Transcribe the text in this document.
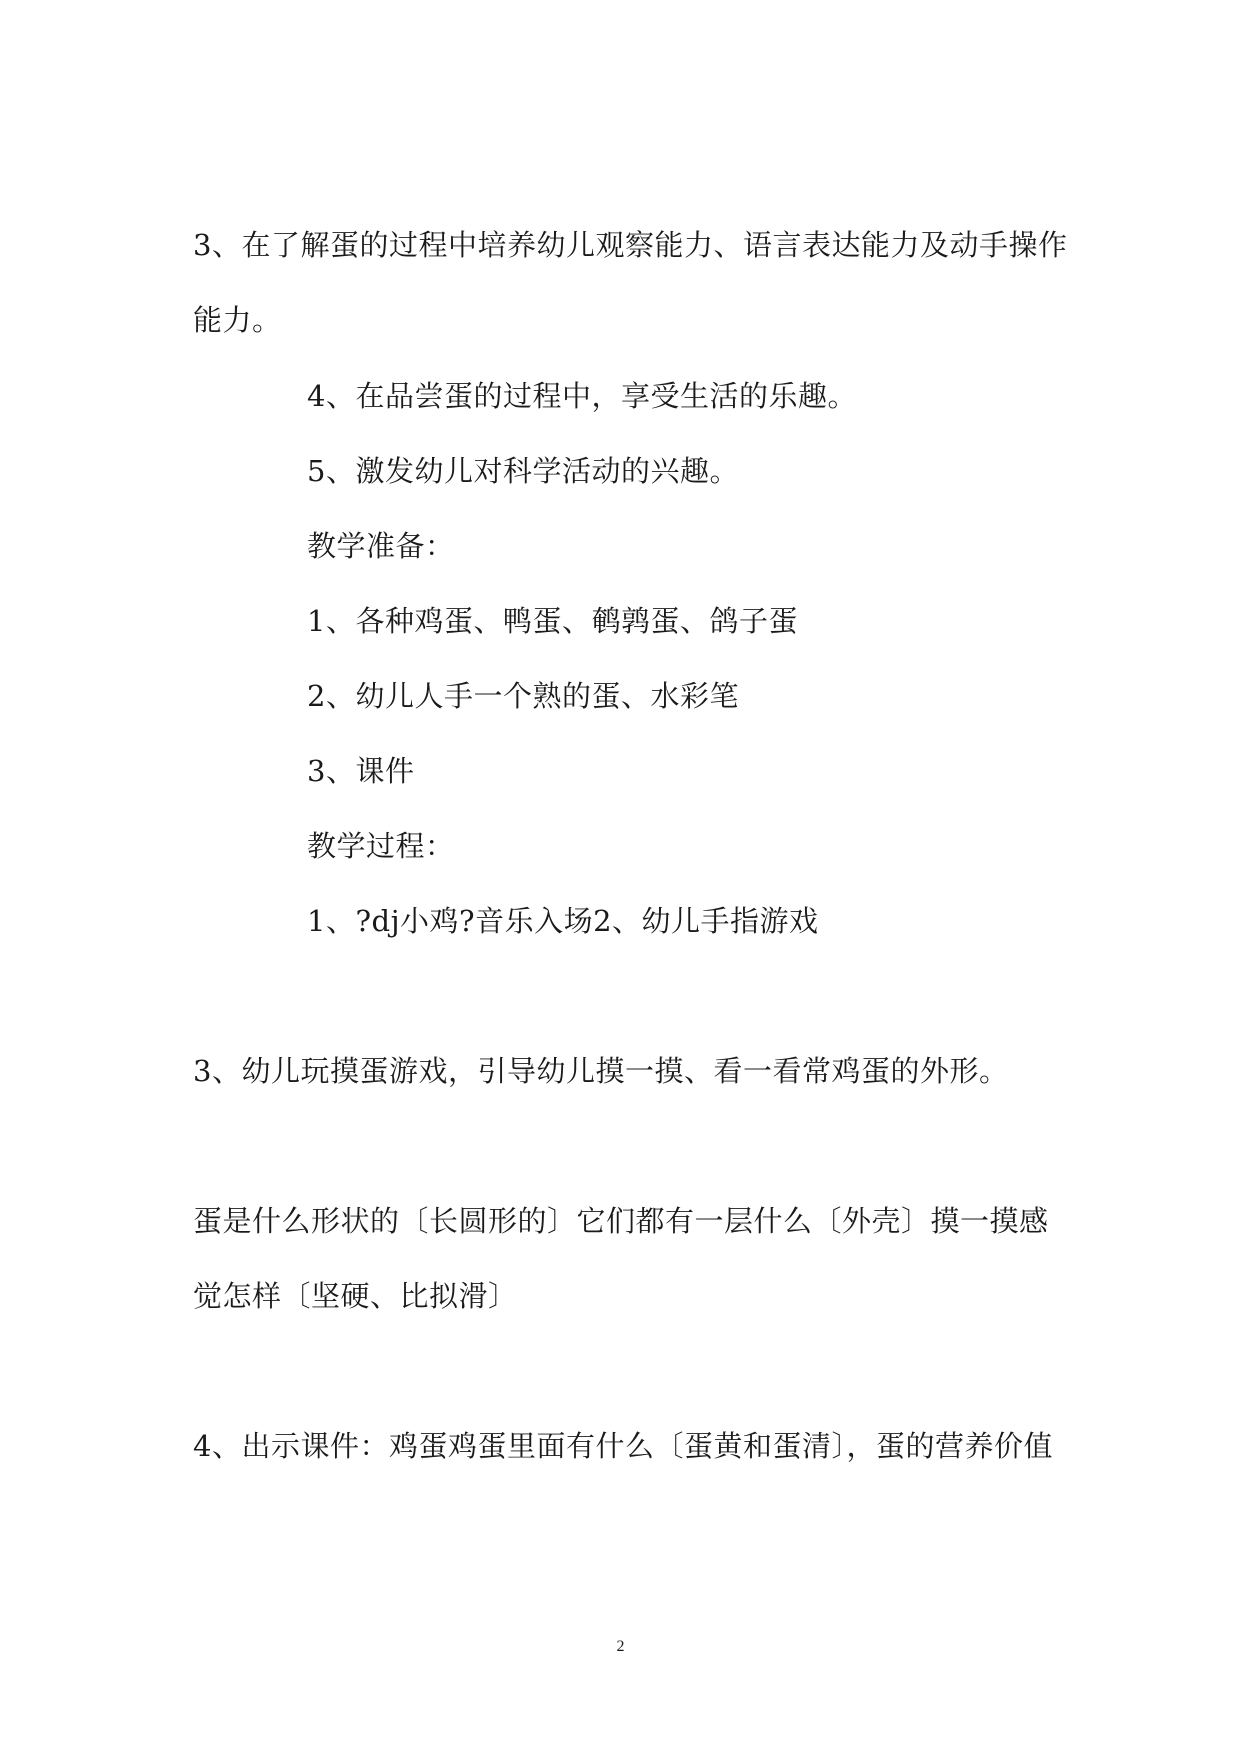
3、在了解蛋的过程中培养幼儿观察能力、语言表达能力及动手操作
能力。
4、在品尝蛋的过程中，享受生活的乐趣。
5、激发幼儿对科学活动的兴趣。
教学准备：
1、各种鸡蛋、鸭蛋、鹌鹑蛋、鸽子蛋
2、幼儿人手一个熟的蛋、水彩笔
3、课件
教学过程：
1、?dj小鸡?音乐入场2、幼儿手指游戏
3、幼儿玩摸蛋游戏，引导幼儿摸一摸、看一看常鸡蛋的外形。
蛋是什么形状的〔长圆形的〕它们都有一层什么〔外壳〕摸一摸感
觉怎样〔坚硬、比拟滑〕
4、出示课件：鸡蛋鸡蛋里面有什么〔蛋黄和蛋清〕，蛋的营养价值
2
